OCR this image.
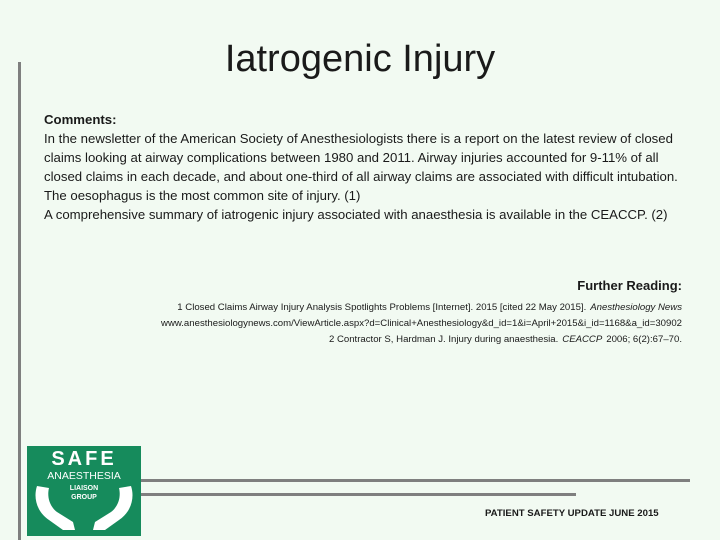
Iatrogenic Injury

Comments:

In the newsletter of the American Society of Anesthesiologists there is a report on the latest review of closed claims looking at airway complications between 1980 and 2011. Airway injuries accounted for 9-11% of all closed claims in each decade, and about one-third of all airway claims are associated with difficult intubation. The oesophagus is the most common site of injury. (1)

A comprehensive summary of iatrogenic injury associated with anaesthesia is available in the CEACCP. (2)

Further Reading:

1 Closed Claims Airway Injury Analysis Spotlights Problems [Internet]. 2015 [cited 22 May 2015]. Anesthesiology News

www.anesthesiologynews.com/ViewArticle.aspx?d=Clinical+Anesthesiology&d_id=1&i=April+2015&i_id=1168&a_id=30902

2 Contractor S, Hardman J. Injury during anaesthesia. CEACCP 2006; 6(2):67–70.

SAFE
ANAESTHESIA
LIAISON
GROUP
PATIENT SAFETY UPDATE JUNE 2015
